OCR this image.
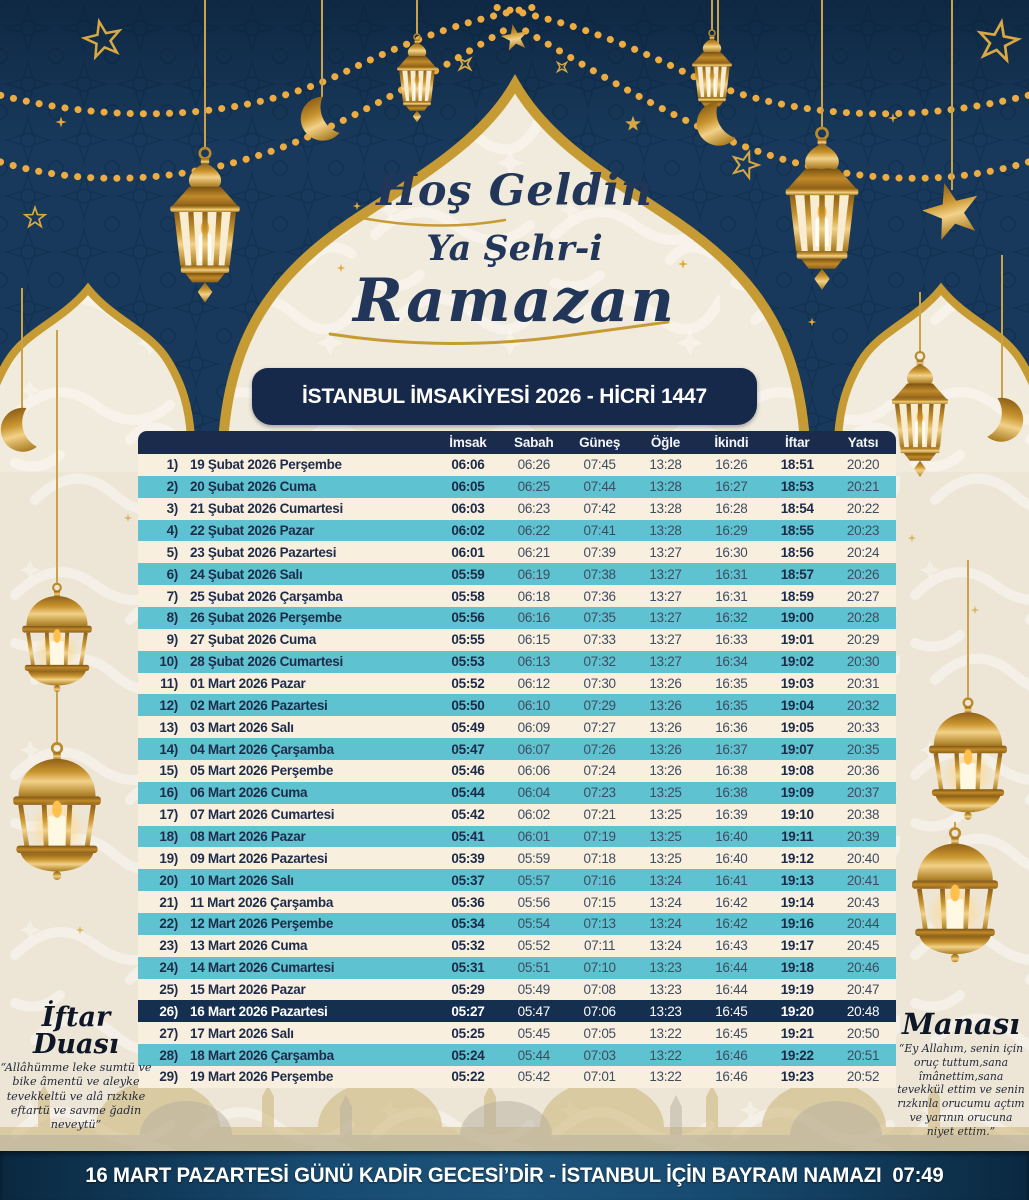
Hoş Geldin
Ya Şehr-i
Ramazan
İSTANBUL İMSAKİYESİ 2026 - HİCRİ 1447
İmsak	Sabah	Güneş	Öğle	İkindi	İftar	Yatsı
1) 19 Şubat 2026 Perşembe	06:06	06:26	07:45	13:28	16:26	18:51	20:20
2) 20 Şubat 2026 Cuma	06:05	06:25	07:44	13:28	16:27	18:53	20:21
3) 21 Şubat 2026 Cumartesi	06:03	06:23	07:42	13:28	16:28	18:54	20:22
4) 22 Şubat 2026 Pazar	06:02	06:22	07:41	13:28	16:29	18:55	20:23
5) 23 Şubat 2026 Pazartesi	06:01	06:21	07:39	13:27	16:30	18:56	20:24
6) 24 Şubat 2026 Salı	05:59	06:19	07:38	13:27	16:31	18:57	20:26
7) 25 Şubat 2026 Çarşamba	05:58	06:18	07:36	13:27	16:31	18:59	20:27
8) 26 Şubat 2026 Perşembe	05:56	06:16	07:35	13:27	16:32	19:00	20:28
9) 27 Şubat 2026 Cuma	05:55	06:15	07:33	13:27	16:33	19:01	20:29
10) 28 Şubat 2026 Cumartesi	05:53	06:13	07:32	13:27	16:34	19:02	20:30
11) 01 Mart 2026 Pazar	05:52	06:12	07:30	13:26	16:35	19:03	20:31
12) 02 Mart 2026 Pazartesi	05:50	06:10	07:29	13:26	16:35	19:04	20:32
13) 03 Mart 2026 Salı	05:49	06:09	07:27	13:26	16:36	19:05	20:33
14) 04 Mart 2026 Çarşamba	05:47	06:07	07:26	13:26	16:37	19:07	20:35
15) 05 Mart 2026 Perşembe	05:46	06:06	07:24	13:26	16:38	19:08	20:36
16) 06 Mart 2026 Cuma	05:44	06:04	07:23	13:25	16:38	19:09	20:37
17) 07 Mart 2026 Cumartesi	05:42	06:02	07:21	13:25	16:39	19:10	20:38
18) 08 Mart 2026 Pazar	05:41	06:01	07:19	13:25	16:40	19:11	20:39
19) 09 Mart 2026 Pazartesi	05:39	05:59	07:18	13:25	16:40	19:12	20:40
20) 10 Mart 2026 Salı	05:37	05:57	07:16	13:24	16:41	19:13	20:41
21) 11 Mart 2026 Çarşamba	05:36	05:56	07:15	13:24	16:42	19:14	20:43
22) 12 Mart 2026 Perşembe	05:34	05:54	07:13	13:24	16:42	19:16	20:44
23) 13 Mart 2026 Cuma	05:32	05:52	07:11	13:24	16:43	19:17	20:45
24) 14 Mart 2026 Cumartesi	05:31	05:51	07:10	13:23	16:44	19:18	20:46
25) 15 Mart 2026 Pazar	05:29	05:49	07:08	13:23	16:44	19:19	20:47
26) 16 Mart 2026 Pazartesi	05:27	05:47	07:06	13:23	16:45	19:20	20:48
27) 17 Mart 2026 Salı	05:25	05:45	07:05	13:22	16:45	19:21	20:50
28) 18 Mart 2026 Çarşamba	05:24	05:44	07:03	13:22	16:46	19:22	20:51
29) 19 Mart 2026 Perşembe	05:22	05:42	07:01	13:22	16:46	19:23	20:52
İftar Duası

“Allâhümme leke sumtü ve bike âmentü ve aleyke tevekkeltü ve alâ rızkıke eftartü ve savme ğadin neveytü”

Manası

“Ey Allahım, senin için oruç tuttum,sana îmânettim,sana tevekkül ettim ve senin rızkınla orucumu açtım ve yarının orucuna niyet ettim.”

16 MART PAZARTESİ GÜNÜ KADİR GECESİ’DİR - İSTANBUL İÇİN BAYRAM NAMAZI  07:49
